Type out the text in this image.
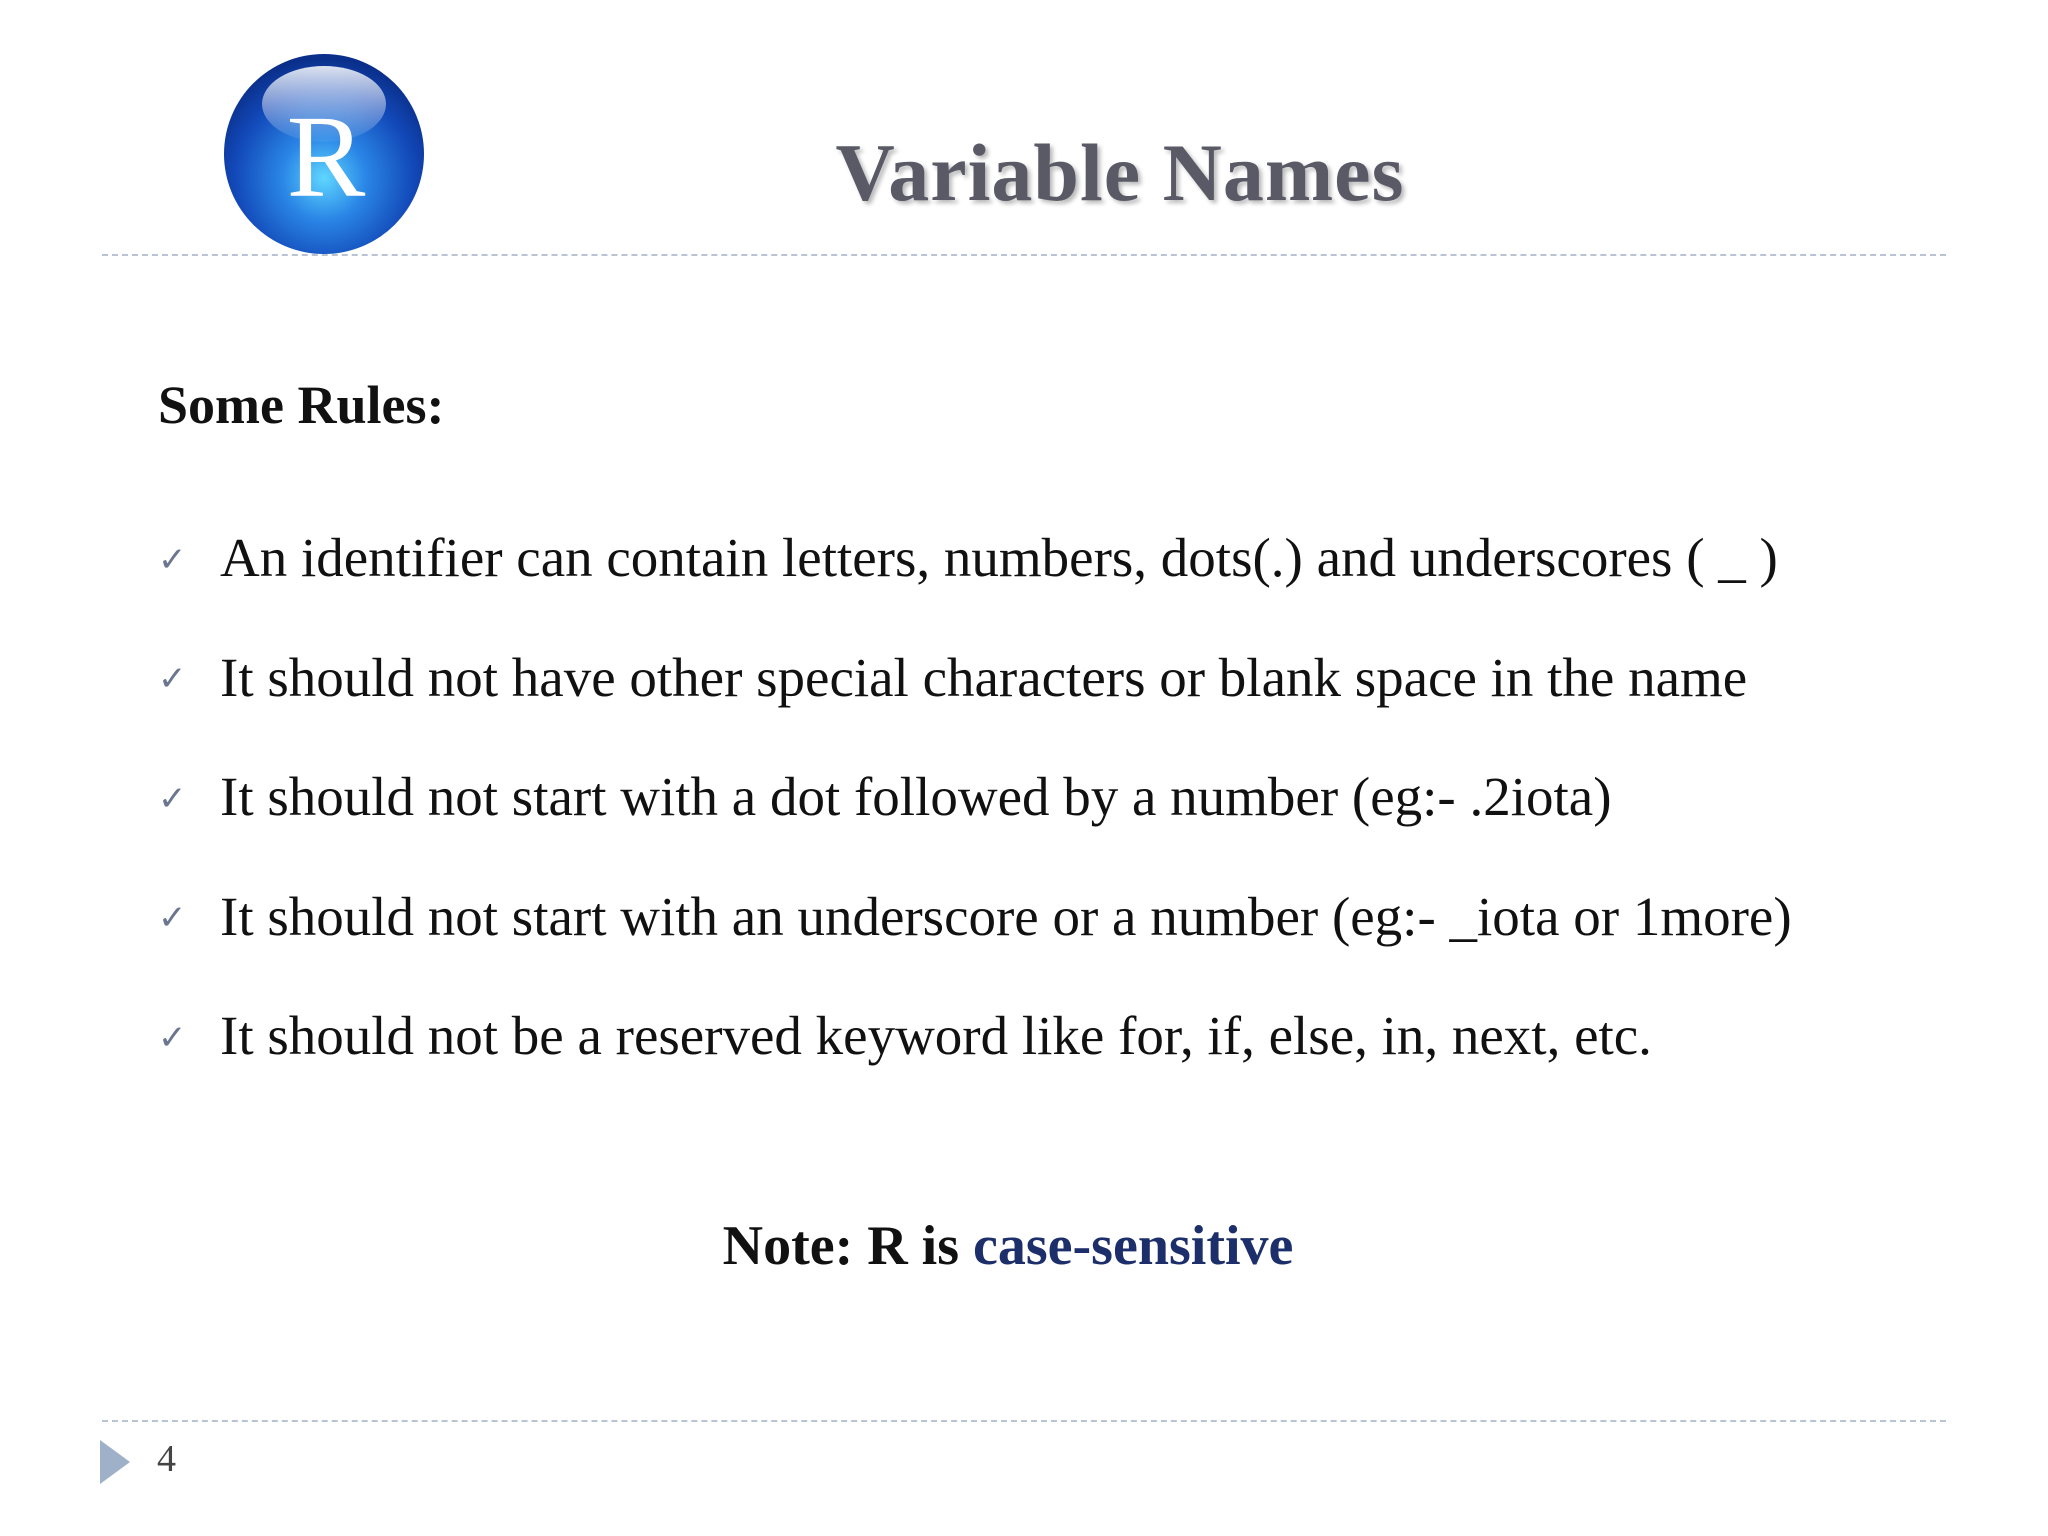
R	Variable Names
Some Rules:
✓ An identifier can contain letters, numbers, dots(.) and underscores ( _ )
✓ It should not have other special characters or blank space in the name
✓ It should not start with a dot followed by a number (eg:- .2iota)
✓ It should not start with an underscore or a number (eg:- _iota or 1more)
✓ It should not be a reserved keyword like for, if, else, in, next, etc.
Note: R is case-sensitive
4
